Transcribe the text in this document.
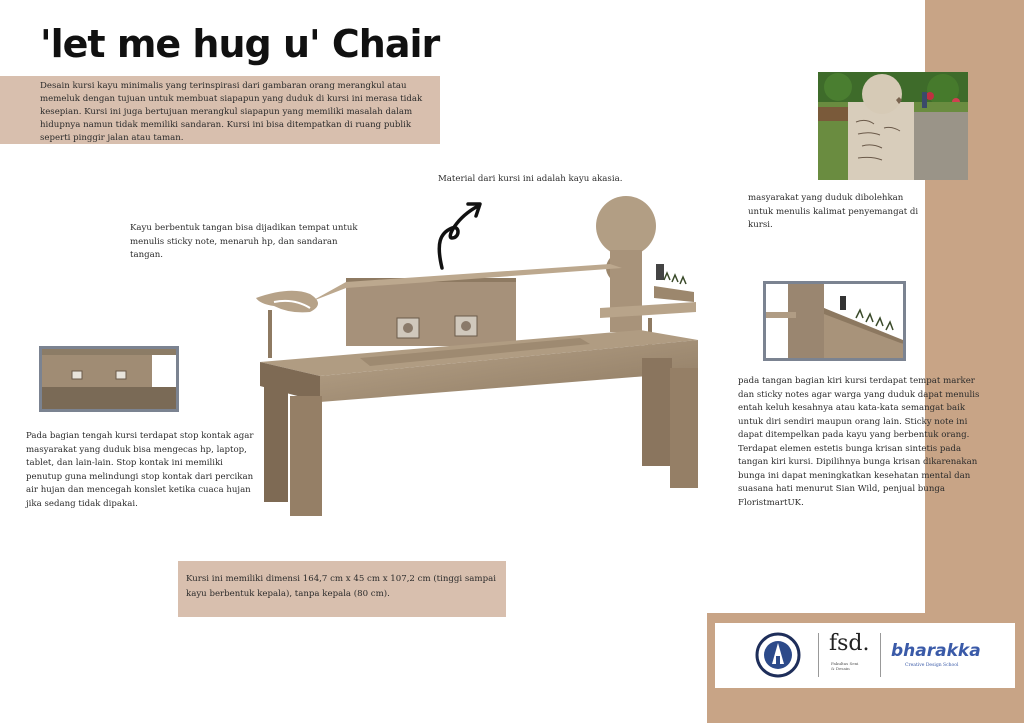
'let me hug u' Chair
Desain kursi kayu minimalis yang terinspirasi dari gambaran orang merangkul atau memeluk dengan tujuan untuk membuat siapapun yang duduk di kursi ini merasa tidak kesepian. Kursi ini juga bertujuan merangkul siapapun yang memiliki masalah dalam hidupnya namun tidak memiliki sandaran. Kursi ini bisa ditempatkan di ruang publik seperti pinggir jalan atau taman.
Material dari kursi ini adalah kayu akasia.
Kayu berbentuk tangan bisa dijadikan tempat untuk menulis sticky note, menaruh hp, dan sandaran tangan.
masyarakat yang duduk dibolehkan untuk menulis kalimat penyemangat di kursi.
Pada bagian tengah kursi terdapat stop kontak agar masyarakat yang duduk bisa mengecas hp, laptop, tablet, dan lain-lain. Stop kontak ini memiliki penutup guna melindungi stop kontak dari percikan air hujan dan mencegah konslet ketika cuaca hujan jika sedang tidak dipakai.
pada tangan bagian kiri kursi terdapat tempat marker dan sticky notes agar warga yang duduk dapat menulis entah keluh kesahnya atau kata-kata semangat baik untuk diri sendiri maupun orang lain. Sticky note ini dapat ditempelkan pada kayu yang berbentuk orang. Terdapat elemen estetis bunga krisan sintetis pada tangan kiri kursi. Dipilihnya bunga krisan dikarenakan bunga ini dapat meningkatkan kesehatan mental dan suasana hati menurut Sian Wild, penjual bunga FloristmartUK.
Kursi ini memiliki dimensi 164,7 cm x 45 cm x 107,2 cm (tinggi sampai kayu berbentuk kepala), tanpa kepala (80 cm).
fsd.
Fakultas Seni & Desain
bharakka
Creative Design School
